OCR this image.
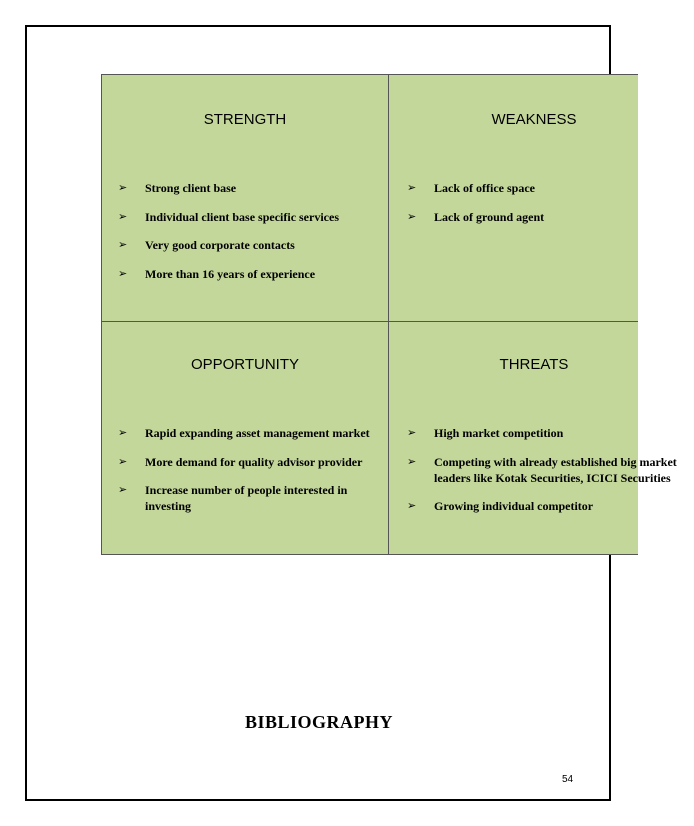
STRENGTH
➢ Strong client base
➢ Individual client base specific services
➢ Very good corporate contacts
➢ More than 16 years of experience
WEAKNESS
➢ Lack of office space
➢ Lack of ground agent
OPPORTUNITY
➢ Rapid expanding asset management market
➢ More demand for quality advisor provider
➢ Increase number of people interested in investing
THREATS
➢ High market competition
➢ Competing with already established big market leaders like Kotak Securities, ICICI Securities
➢ Growing individual competitor
BIBLIOGRAPHY
54
